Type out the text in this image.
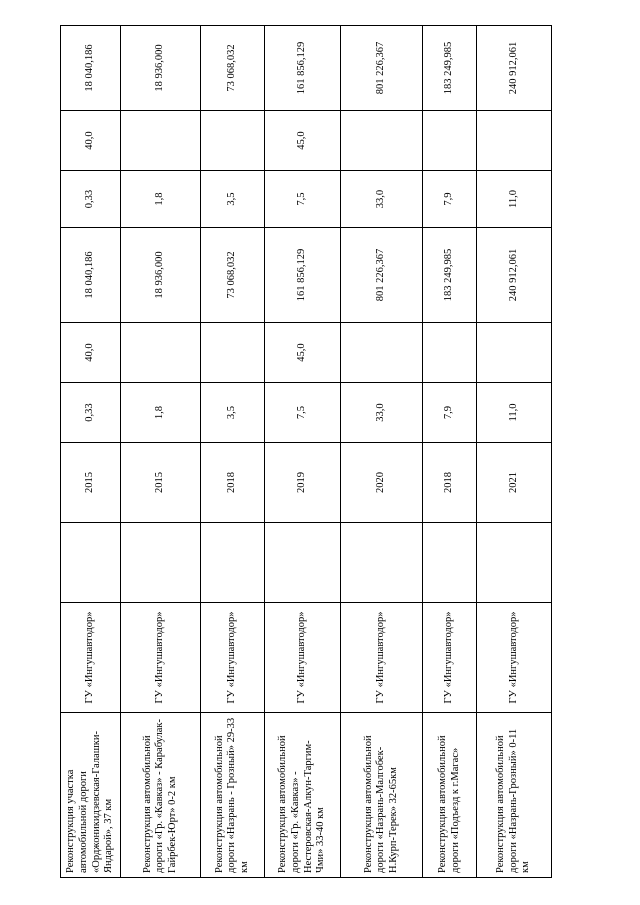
Реконструкция участка автомобильной дороги «Орджоникидзевская-Галашки-Яндарой», 37 км	ГУ «Ингушавтодор»		2015	0,33	40,0	18 040,186	0,33	40,0	18 040,186
Реконструкция автомобильной дороги «Гр. «Кавказ» - Карабулак-Гайрбек-Юрт» 0-2 км	ГУ «Ингушавтодор»		2015	1,8		18 936,000	1,8		18 936,000
Реконструкция автомобильной дороги «Назрань - Грозный» 29-33 км	ГУ «Ингушавтодор»		2018	3,5		73 068,032	3,5		73 068,032
Реконструкция автомобильной дороги «Гр. «Кавказ» - Нестеровская-Алкун-Таргим-Чми» 33-40 км	ГУ «Ингушавтодор»		2019	7,5	45,0	161 856,129	7,5	45,0	161 856,129
Реконструкция автомобильной дороги «Назрань-Малгобек-Н.Курп-Терек» 32-65км	ГУ «Ингушавтодор»		2020	33,0		801 226,367	33,0		801 226,367
Реконструкция автомобильной дороги «Подъезд к г.Магас»	ГУ «Ингушавтодор»		2018	7,9		183 249,985	7,9		183 249,985
Реконструкция автомобильной дороги «Назрань-Грозный» 0-11 км	ГУ «Ингушавтодор»		2021	11,0		240 912,061	11,0		240 912,061
